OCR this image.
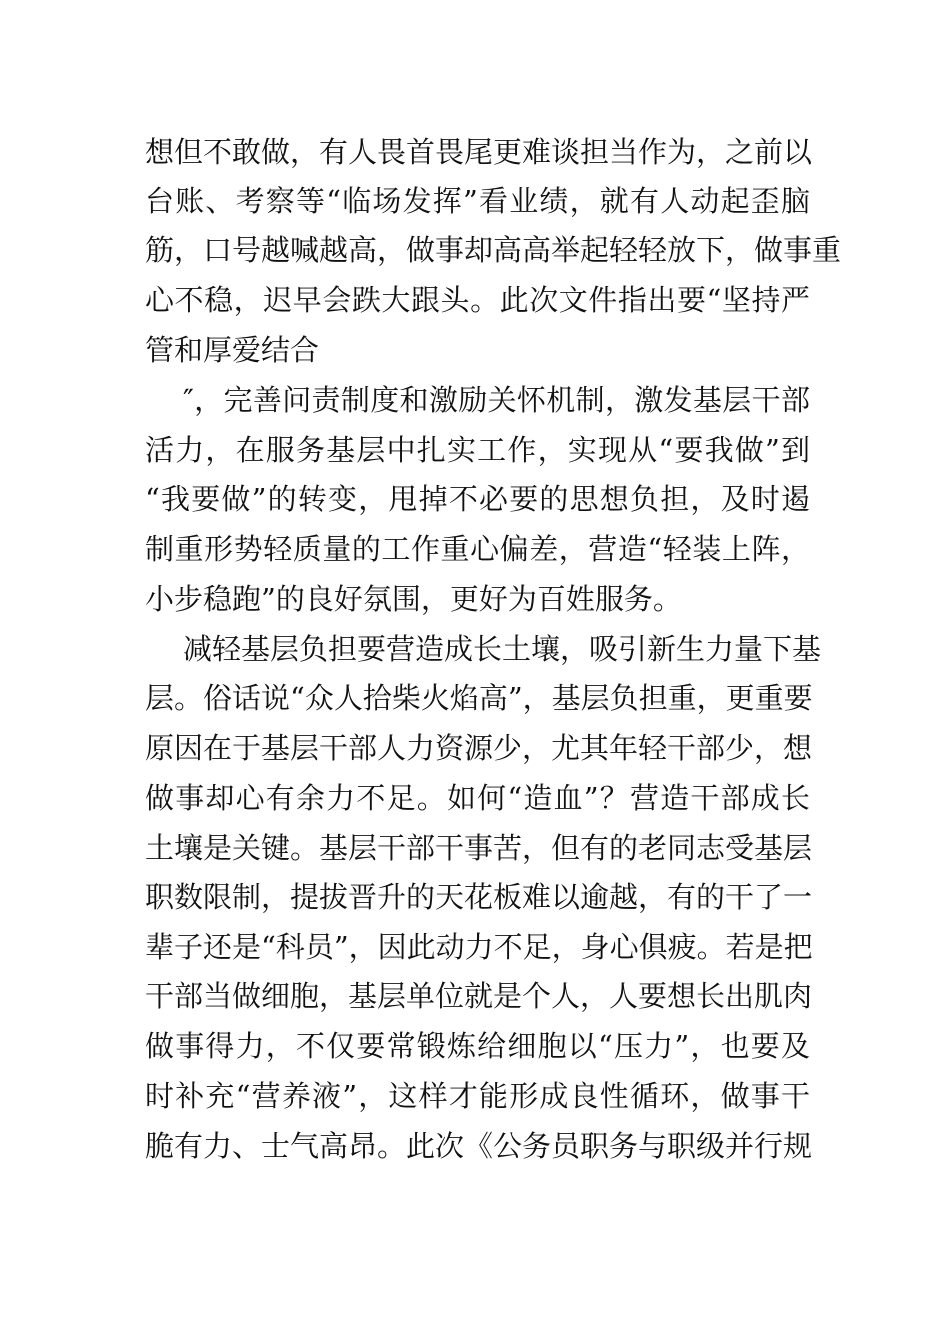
想但不敢做，有人畏首畏尾更难谈担当作为，之前以
台账、考察等“临场发挥”看业绩，就有人动起歪脑
筋，口号越喊越高，做事却高高举起轻轻放下，做事重
心不稳，迟早会跌大跟头。此次文件指出要“坚持严
管和厚爱结合
″，完善问责制度和激励关怀机制，激发基层干部
活力，在服务基层中扎实工作，实现从“要我做”到
“我要做”的转变，甩掉不必要的思想负担，及时遏
制重形势轻质量的工作重心偏差，营造“轻装上阵，
小步稳跑”的良好氛围，更好为百姓服务。
减轻基层负担要营造成长土壤，吸引新生力量下基
层。俗话说“众人拾柴火焰高”，基层负担重，更重要
原因在于基层干部人力资源少，尤其年轻干部少，想
做事却心有余力不足。如何“造血”？营造干部成长
土壤是关键。基层干部干事苦，但有的老同志受基层
职数限制，提拔晋升的天花板难以逾越，有的干了一
辈子还是“科员”，因此动力不足，身心俱疲。若是把
干部当做细胞，基层单位就是个人，人要想长出肌肉
做事得力，不仅要常锻炼给细胞以“压力”，也要及
时补充“营养液”，这样才能形成良性循环，做事干
脆有力、士气高昂。此次《公务员职务与职级并行规
